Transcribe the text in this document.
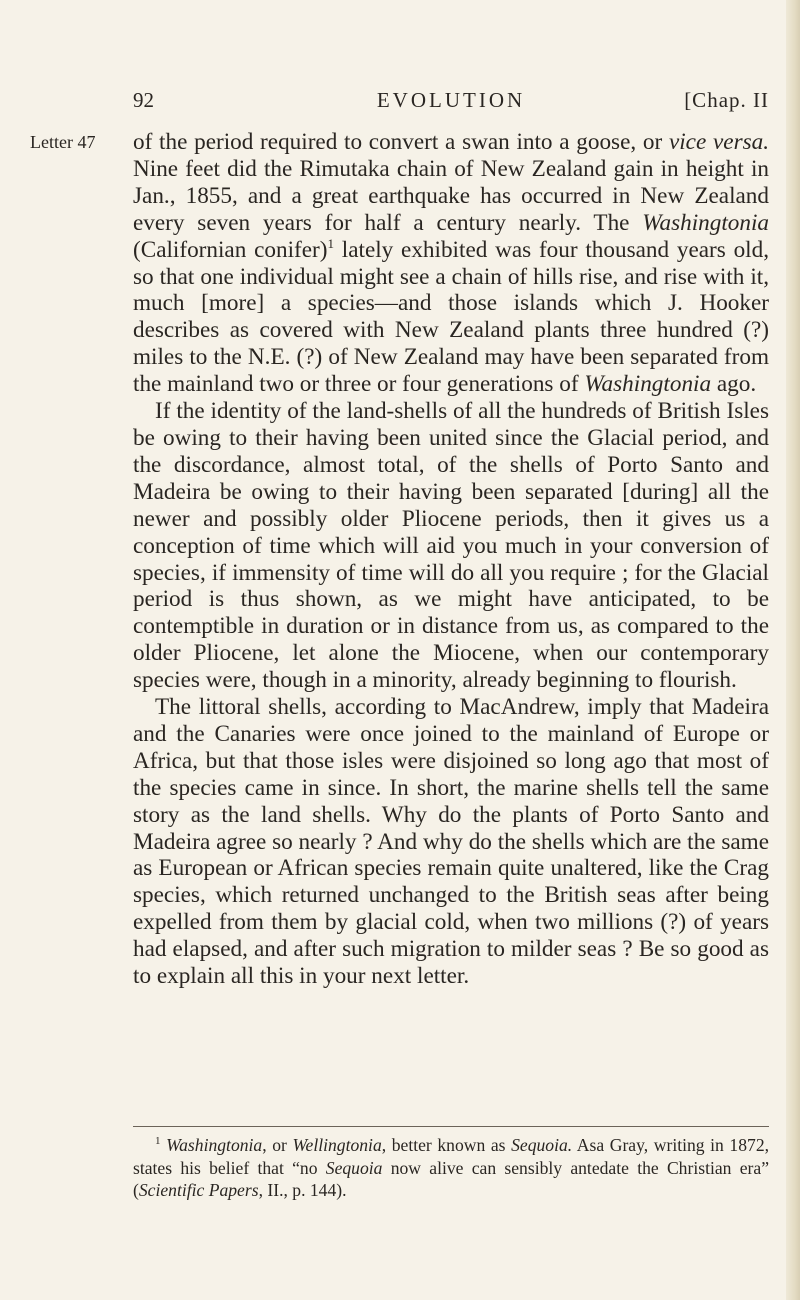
92	EVOLUTION	[Chap. II
Letter 47 of the period required to convert a swan into a goose, or vice versa. Nine feet did the Rimutaka chain of New Zealand gain in height in Jan., 1855, and a great earthquake has occurred in New Zealand every seven years for half a century nearly. The Washingtonia (Californian conifer)$^1$ lately exhibited was four thousand years old, so that one individual might see a chain of hills rise, and rise with it, much [more] a species—and those islands which J. Hooker describes as covered with New Zealand plants three hundred (?) miles to the N.E. (?) of New Zealand may have been separated from the mainland two or three or four generations of Washingtonia ago.

If the identity of the land-shells of all the hundreds of British Isles be owing to their having been united since the Glacial period, and the discordance, almost total, of the shells of Porto Santo and Madeira be owing to their having been separated [during] all the newer and possibly older Pliocene periods, then it gives us a conception of time which will aid you much in your conversion of species, if immensity of time will do all you require ; for the Glacial period is thus shown, as we might have anticipated, to be contemptible in duration or in distance from us, as compared to the older Pliocene, let alone the Miocene, when our contemporary species were, though in a minority, already beginning to flourish.

The littoral shells, according to MacAndrew, imply that Madeira and the Canaries were once joined to the mainland of Europe or Africa, but that those isles were disjoined so long ago that most of the species came in since. In short, the marine shells tell the same story as the land shells. Why do the plants of Porto Santo and Madeira agree so nearly ? And why do the shells which are the same as European or African species remain quite unaltered, like the Crag species, which returned unchanged to the British seas after being expelled from them by glacial cold, when two millions (?) of years had elapsed, and after such migration to milder seas ? Be so good as to explain all this in your next letter.

$^1$ Washingtonia, or Wellingtonia, better known as Sequoia. Asa Gray, writing in 1872, states his belief that “no Sequoia now alive can sensibly antedate the Christian era” (Scientific Papers, II., p. 144).
